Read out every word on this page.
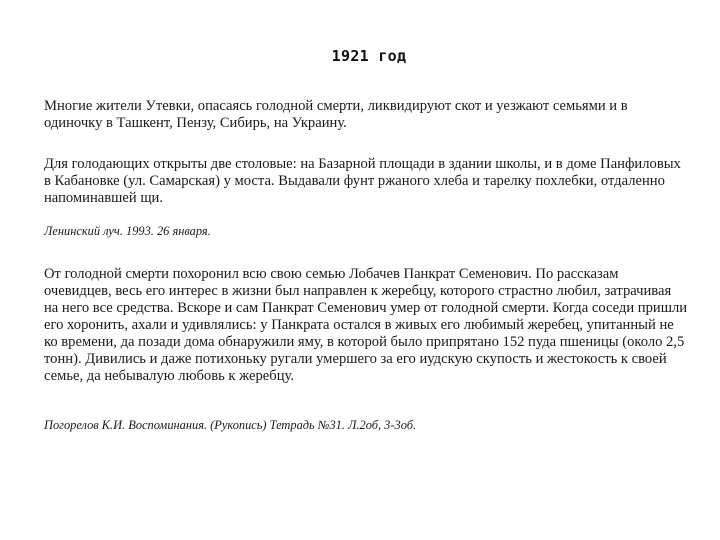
1921 год

Многие жители Утевки, опасаясь голодной смерти, ликвидируют скот и уезжают семьями и в одиночку в Ташкент, Пензу, Сибирь, на Украину.

Для голодающих открыты две столовые: на Базарной площади в здании школы, и в доме Панфиловых в Кабановке (ул. Самарская) у моста. Выдавали фунт ржаного хлеба и тарелку похлебки, отдаленно напоминавшей щи.

Ленинский луч. 1993. 26 января.

От голодной смерти похоронил всю свою семью Лобачев Панкрат Семенович. По рассказам очевидцев, весь его интерес в жизни был направлен к жеребцу, которого страстно любил, затрачивая на него все средства. Вскоре и сам Панкрат Семенович умер от голодной смерти. Когда соседи пришли его хоронить, ахали и удивлялись: у Панкрата остался в живых его любимый жеребец, упитанный не ко времени, да позади дома обнаружили яму, в которой было припрятано 152 пуда пшеницы (около 2,5 тонн). Дивились и даже потихоньку ругали умершего за его иудскую скупость и жестокость к своей семье, да небывалую любовь к жеребцу.

Погорелов К.И. Воспоминания. (Рукопись) Тетрадь №31. Л.2об, 3-3об.
